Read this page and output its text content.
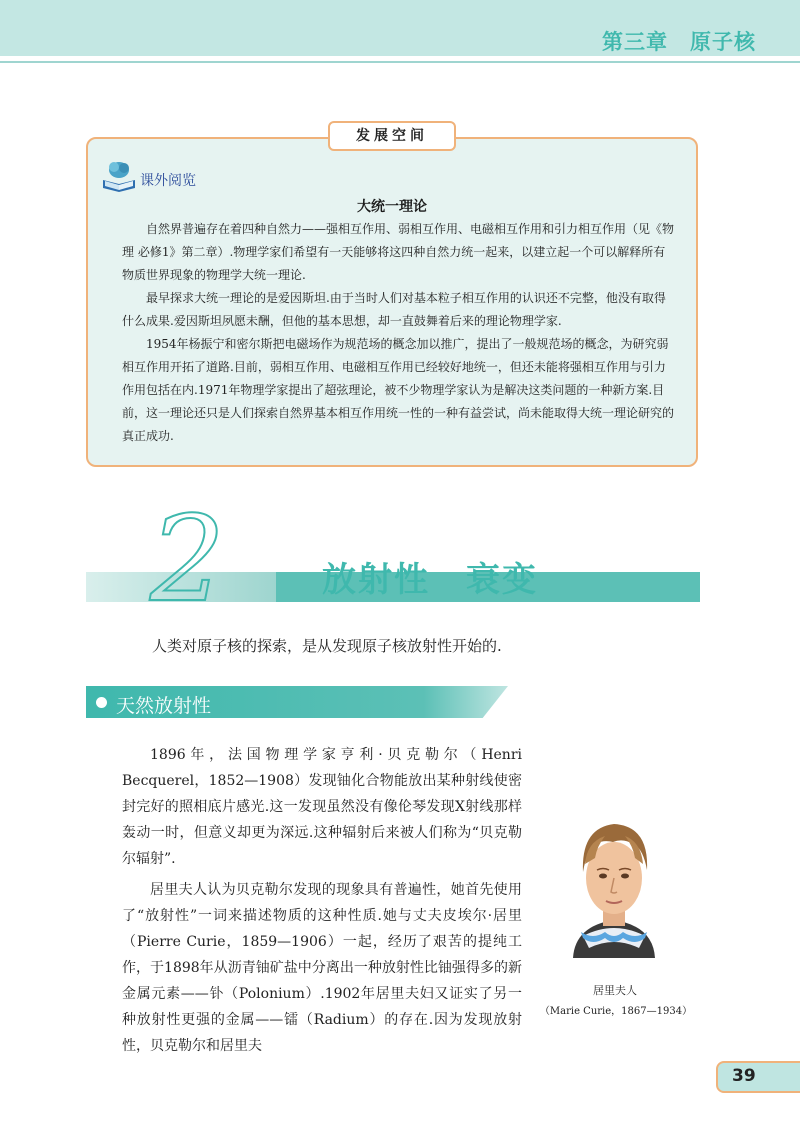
第三章　原子核
发展空间
课外阅览
大统一理论

自然界普遍存在着四种自然力——强相互作用、弱相互作用、电磁相互作用和引力相互作用（见《物理 必修1》第二章）.物理学家们希望有一天能够将这四种自然力统一起来，以建立起一个可以解释所有物质世界现象的物理学大统一理论.

最早探求大统一理论的是爱因斯坦.由于当时人们对基本粒子相互作用的认识还不完整，他没有取得什么成果.爱因斯坦夙愿未酬，但他的基本思想，却一直鼓舞着后来的理论物理学家.

1954年杨振宁和密尔斯把电磁场作为规范场的概念加以推广，提出了一般规范场的概念，为研究弱相互作用开拓了道路.目前，弱相互作用、电磁相互作用已经较好地统一，但还未能将强相互作用与引力作用包括在内.1971年物理学家提出了超弦理论，被不少物理学家认为是解决这类问题的一种新方案.目前，这一理论还只是人们探索自然界基本相互作用统一性的一种有益尝试，尚未能取得大统一理论研究的真正成功.

2	放射性　衰变
人类对原子核的探索，是从发现原子核放射性开始的.
天然放射性

1896年，法国物理学家亨利·贝克勒尔（Henri Becquerel，1852—1908）发现铀化合物能放出某种射线使密封完好的照相底片感光.这一发现虽然没有像伦琴发现X射线那样轰动一时，但意义却更为深远.这种辐射后来被人们称为“贝克勒尔辐射”.

居里夫人认为贝克勒尔发现的现象具有普遍性，她首先使用了“放射性”一词来描述物质的这种性质.她与丈夫皮埃尔·居里（Pierre Curie，1859—1906）一起，经历了艰苦的提纯工作，于1898年从沥青铀矿盐中分离出一种放射性比铀强得多的新金属元素——钋（Polonium）.1902年居里夫妇又证实了另一种放射性更强的金属——镭（Radium）的存在.因为发现放射性，贝克勒尔和居里夫

居里夫人
（Marie Curie，1867—1934）
39
